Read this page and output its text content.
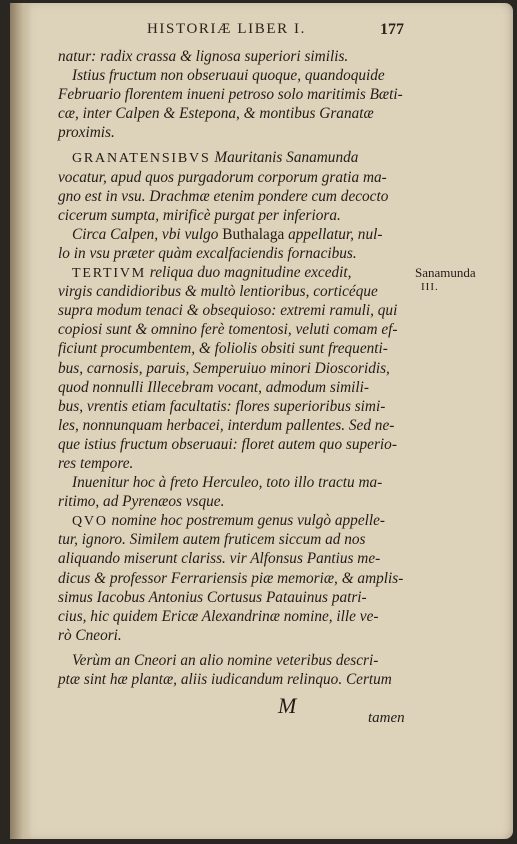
HISTORIÆ LIBER I.	177
natur: radix crassa & lignosa superiori similis.
Istius fructum non obseruaui quoque, quandoquide
Februario florentem inueni petroso solo maritimis Bæti-
cæ, inter Calpen & Estepona, & montibus Granatæ
proximis.
GRANATENSIBVS Mauritanis Sanamunda
vocatur, apud quos purgadorum corporum gratia ma-
gno est in vsu. Drachmæ etenim pondere cum decocto
cicerum sumpta, mirificè purgat per inferiora.
Circa Calpen, vbi vulgo Buthalaga appellatur, nul-
lo in vsu præter quàm excalfaciendis fornacibus.
TERTIVM reliqua duo magnitudine excedit,
virgis candidioribus & multò lentioribus, corticéque
supra modum tenaci & obsequioso: extremi ramuli, qui
copiosi sunt & omnino ferè tomentosi, veluti comam ef-
ficiunt procumbentem, & foliolis obsiti sunt frequenti-
bus, carnosis, paruis, Semperuiuo minori Dioscoridis,
quod nonnulli Illecebram vocant, admodum simili-
bus, vrentis etiam facultatis: flores superioribus simi-
les, nonnunquam herbacei, interdum pallentes. Sed ne-
que istius fructum obseruaui: floret autem quo superio-
res tempore.
Inuenitur hoc à freto Herculeo, toto illo tractu ma-
ritimo, ad Pyrenæos vsque.
QVO nomine hoc postremum genus vulgò appelle-
tur, ignoro. Similem autem fruticem siccum ad nos
aliquando miserunt clariss. vir Alfonsus Pantius me-
dicus & professor Ferrariensis piæ memoriæ, & amplis-
simus Iacobus Antonius Cortusus Patauinus patri-
cius, hic quidem Ericæ Alexandrinæ nomine, ille ve-
rò Cneori.
Verùm an Cneori an alio nomine veteribus descri-
ptæ sint hæ plantæ, aliis iudicandum relinquo. Certum
Sanamunda
III.
M	tamen
